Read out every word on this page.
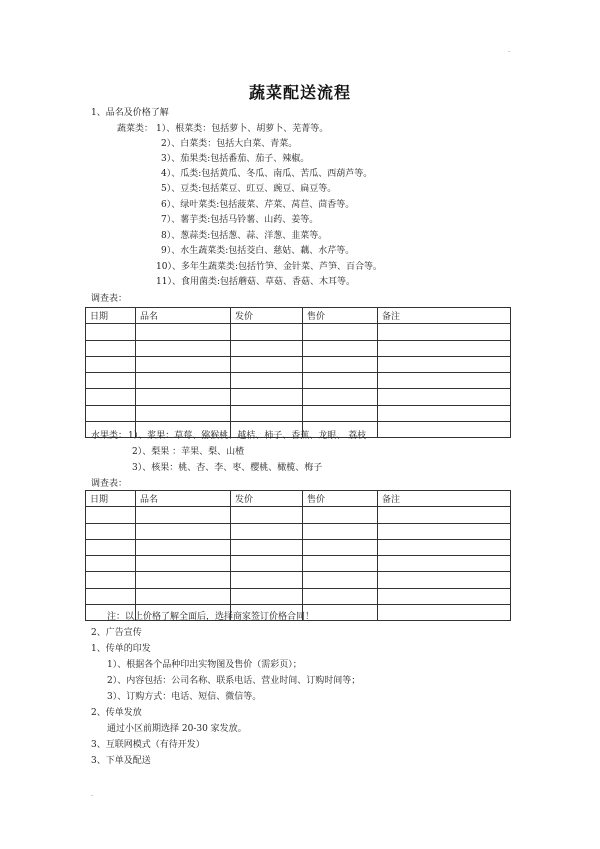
.
蔬菜配送流程
1、品名及价格了解
蔬菜类： 1）、根菜类：包括萝卜、胡萝卜、芜菁等。
2）、白菜类：包括大白菜、青菜。
3）、茄果类:包括番茄、茄子、辣椒。
4）、瓜类:包括黄瓜、冬瓜、南瓜、苦瓜、西葫芦等。
5）、豆类:包括菜豆、豇豆、豌豆、扁豆等。
6）、绿叶菜类:包括菠菜、芹菜、莴苣、茴香等。
7）、薯芋类:包括马铃薯、山药、姜等。
8）、葱蒜类:包括葱、蒜、洋葱、韭菜等。
9）、水生蔬菜类:包括茭白、慈姑、藕、水芹等。
10）、多年生蔬菜类:包括竹笋、金针菜、芦笋、百合等。
11）、食用菌类:包括蘑菇、草菇、香菇、木耳等。
调查表：
日期	品名	发价	售价	备注

水果类： 1）、浆果：草莓、猕猴桃、越桔、柿子、香蕉、龙眼、 荔枝
2）、梨果 ：苹果、梨、山楂
3）、核果：桃、杏、李、枣、樱桃、橄榄、梅子
调查表：
日期	品名	发价	售价	备注

注：以上价格了解全面后，选择商家签订价格合同！
2、广告宣传
1、传单的印发
1）、根据各个品种印出实物图及售价（需彩页）；
2）、内容包括：公司名称、联系电话、营业时间、订购时间等；
3）、订购方式：电话、短信、微信等。
2、传单发放
通过小区前期选择 20-30 家发放。
3、互联网模式（有待开发）
3、下单及配送
.
